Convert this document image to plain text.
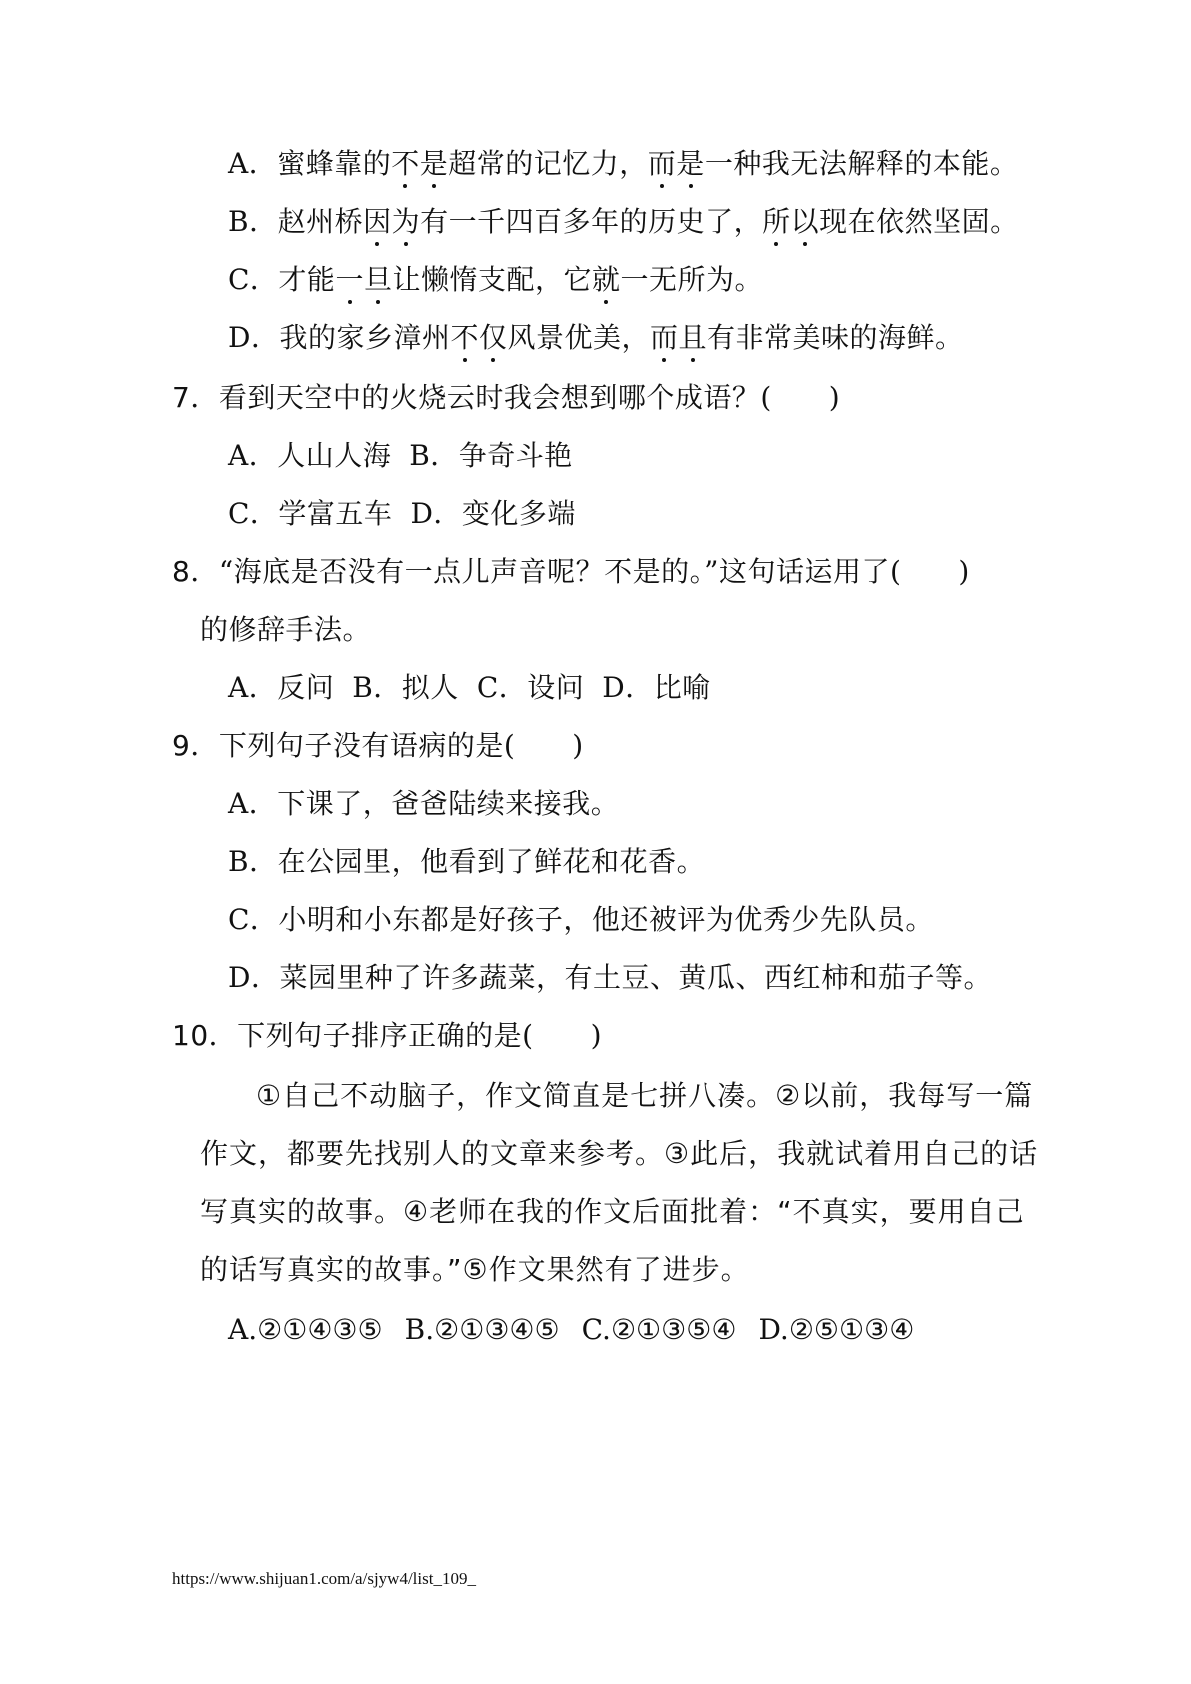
A．蜜蜂靠的不是超常的记忆力，而是一种我无法解释的本能。
B．赵州桥因为有一千四百多年的历史了，所以现在依然坚固。
C．才能一旦让懒惰支配，它就一无所为。
D．我的家乡漳州不仅风景优美，而且有非常美味的海鲜。
7．看到天空中的火烧云时我会想到哪个成语？(　　)
A．人山人海 B．争奇斗艳
C．学富五车 D．变化多端
8．“海底是否没有一点儿声音呢？不是的。”这句话运用了(　　)
的修辞手法。
A．反问 B．拟人 C．设问 D．比喻
9．下列句子没有语病的是(　　)
A．下课了，爸爸陆续来接我。
B．在公园里，他看到了鲜花和花香。
C．小明和小东都是好孩子，他还被评为优秀少先队员。
D．菜园里种了许多蔬菜，有土豆、黄瓜、西红柿和茄子等。
10．下列句子排序正确的是(　　)
①自己不动脑子，作文简直是七拼八凑。②以前，我每写一篇
作文，都要先找别人的文章来参考。③此后，我就试着用自己的话
写真实的故事。④老师在我的作文后面批着：“不真实，要用自己
的话写真实的故事。”⑤作文果然有了进步。
A.②①④③⑤ B.②①③④⑤ C.②①③⑤④ D.②⑤①③④
https://www.shijuan1.com/a/sjyw4/list_109_
